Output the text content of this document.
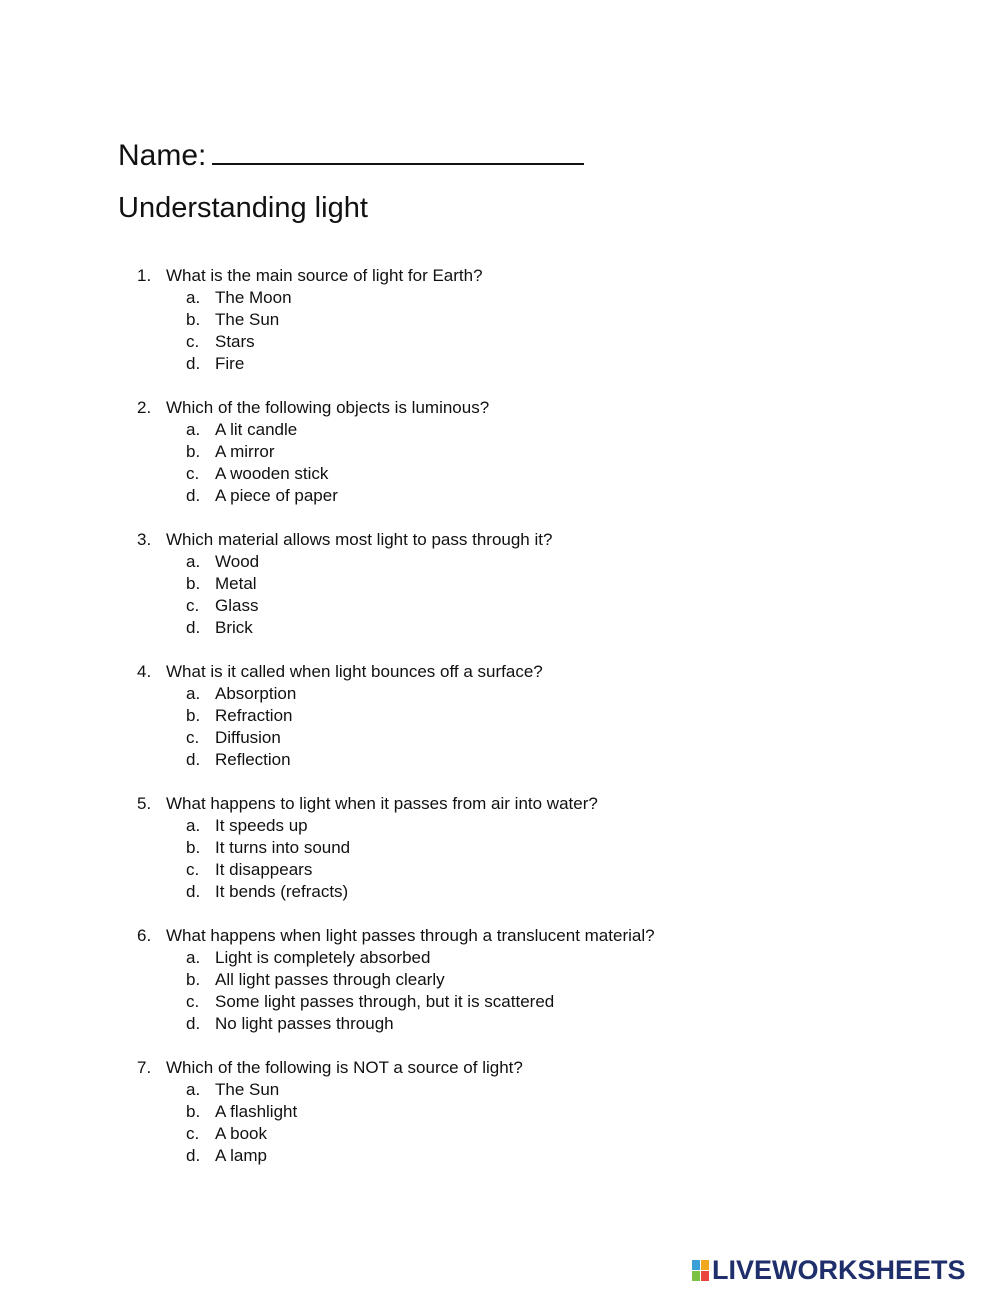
Name:
Understanding light
1. What is the main source of light for Earth?
a. The Moon
b. The Sun
c. Stars
d. Fire
2. Which of the following objects is luminous?
a. A lit candle
b. A mirror
c. A wooden stick
d. A piece of paper
3. Which material allows most light to pass through it?
a. Wood
b. Metal
c. Glass
d. Brick
4. What is it called when light bounces off a surface?
a. Absorption
b. Refraction
c. Diffusion
d. Reflection
5. What happens to light when it passes from air into water?
a. It speeds up
b. It turns into sound
c. It disappears
d. It bends (refracts)
6. What happens when light passes through a translucent material?
a. Light is completely absorbed
b. All light passes through clearly
c. Some light passes through, but it is scattered
d. No light passes through
7. Which of the following is NOT a source of light?
a. The Sun
b. A flashlight
c. A book
d. A lamp
LIVEWORKSHEETS
